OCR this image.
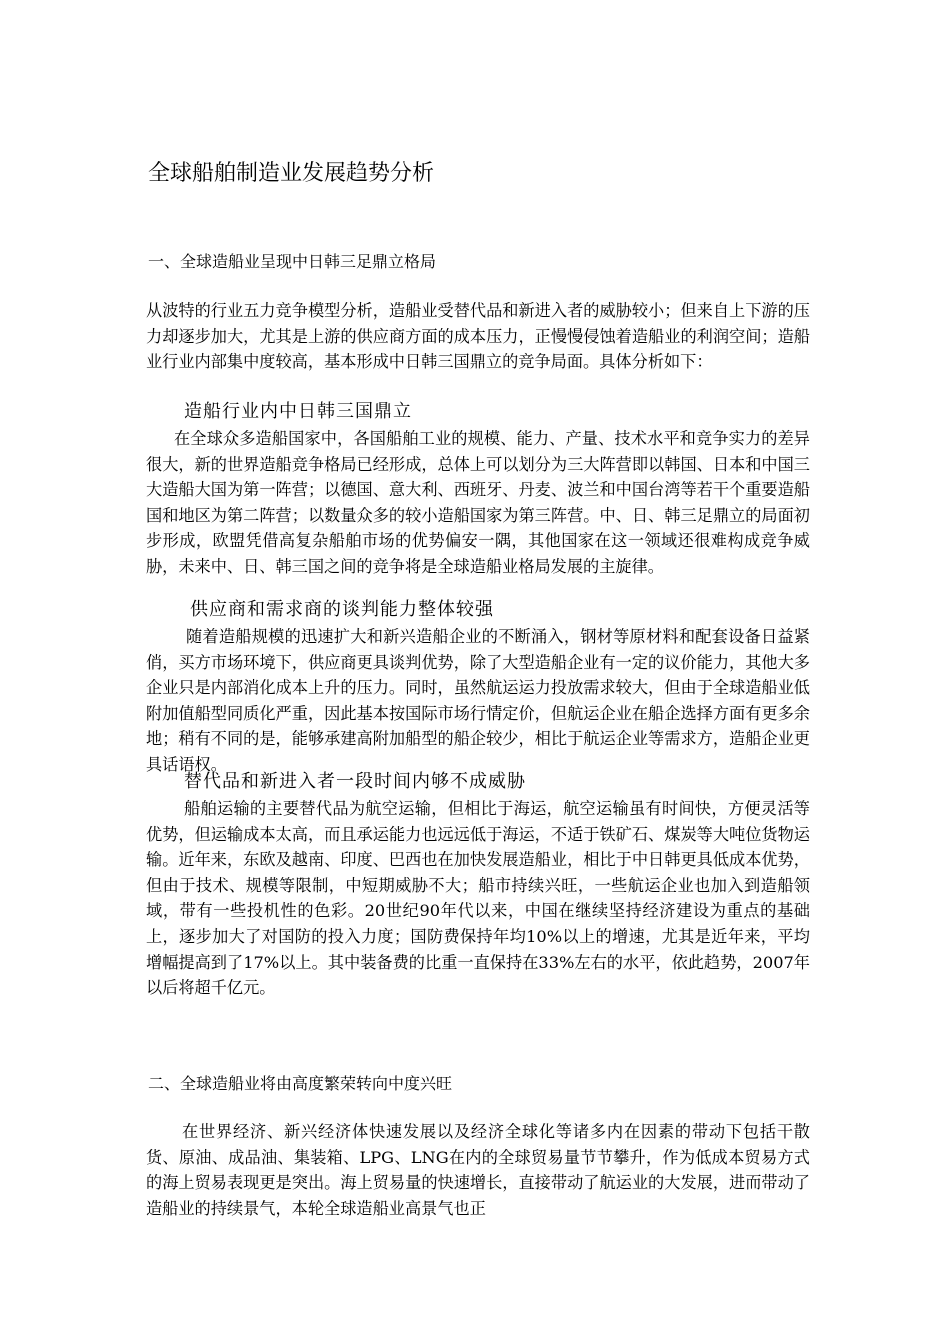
全球船舶制造业发展趋势分析
一、全球造船业呈现中日韩三足鼎立格局

从波特的行业五力竞争模型分析，造船业受替代品和新进入者的威胁较小；但来自上下游的压力却逐步加大，尤其是上游的供应商方面的成本压力，正慢慢侵蚀着造船业的利润空间；造船业行业内部集中度较高，基本形成中日韩三国鼎立的竞争局面。具体分析如下：

造船行业内中日韩三国鼎立

在全球众多造船国家中，各国船舶工业的规模、能力、产量、技术水平和竞争实力的差异很大，新的世界造船竞争格局已经形成，总体上可以划分为三大阵营即以韩国、日本和中国三大造船大国为第一阵营；以德国、意大利、西班牙、丹麦、波兰和中国台湾等若干个重要造船国和地区为第二阵营；以数量众多的较小造船国家为第三阵营。中、日、韩三足鼎立的局面初步形成，欧盟凭借高复杂船舶市场的优势偏安一隅，其他国家在这一领域还很难构成竞争威胁，未来中、日、韩三国之间的竞争将是全球造船业格局发展的主旋律。

供应商和需求商的谈判能力整体较强

随着造船规模的迅速扩大和新兴造船企业的不断涌入，钢材等原材料和配套设备日益紧俏，买方市场环境下，供应商更具谈判优势，除了大型造船企业有一定的议价能力，其他大多企业只是内部消化成本上升的压力。同时，虽然航运运力投放需求较大，但由于全球造船业低附加值船型同质化严重，因此基本按国际市场行情定价，但航运企业在船企选择方面有更多余地；稍有不同的是，能够承建高附加船型的船企较少，相比于航运企业等需求方，造船企业更具话语权。

替代品和新进入者一段时间内够不成威胁

船舶运输的主要替代品为航空运输，但相比于海运，航空运输虽有时间快，方便灵活等优势，但运输成本太高，而且承运能力也远远低于海运，不适于铁矿石、煤炭等大吨位货物运输。近年来，东欧及越南、印度、巴西也在加快发展造船业，相比于中日韩更具低成本优势，但由于技术、规模等限制，中短期威胁不大；船市持续兴旺，一些航运企业也加入到造船领域，带有一些投机性的色彩。20世纪90年代以来，中国在继续坚持经济建设为重点的基础上，逐步加大了对国防的投入力度；国防费保持年均10%以上的增速，尤其是近年来，平均增幅提高到了17%以上。其中装备费的比重一直保持在33%左右的水平，依此趋势，2007年以后将超千亿元。

二、全球造船业将由高度繁荣转向中度兴旺

在世界经济、新兴经济体快速发展以及经济全球化等诸多内在因素的带动下包括干散货、原油、成品油、集装箱、LPG、LNG在内的全球贸易量节节攀升，作为低成本贸易方式的海上贸易表现更是突出。海上贸易量的快速增长，直接带动了航运业的大发展，进而带动了造船业的持续景气，本轮全球造船业高景气也正
